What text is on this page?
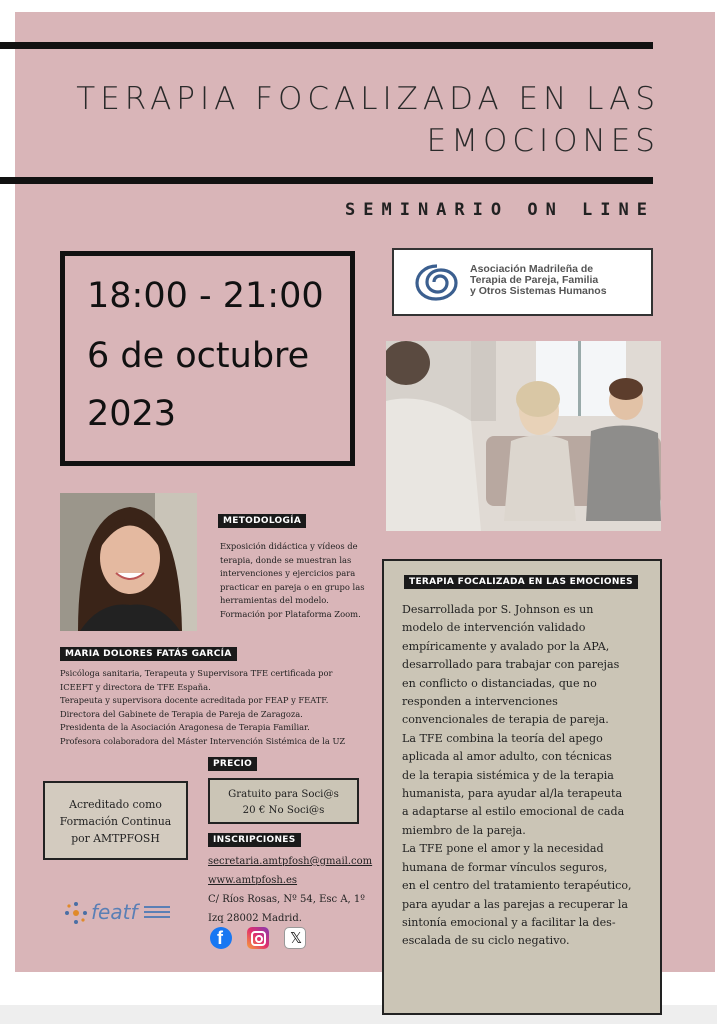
TERAPIA FOCALIZADA EN LAS
EMOCIONES
SEMINARIO ON LINE
18:00 - 21:00
6 de octubre
2023
Asociación Madrileña de
Terapia de Pareja, Familia
y Otros Sistemas Humanos
METODOLOGÍA
Exposición didáctica y vídeos de
terapia, donde se muestran las
intervenciones y ejercicios para
practicar en pareja o en grupo las
herramientas del modelo.
Formación por Plataforma Zoom.
MARIA DOLORES FATÁS GARCÍA
Psicóloga sanitaria, Terapeuta y Supervisora TFE certificada por
ICEEFT y directora de TFE España.
Terapeuta y supervisora docente acreditada por FEAP y FEATF.
Directora del Gabinete de Terapia de Pareja de Zaragoza.
Presidenta de la Asociación Aragonesa de Terapia Familiar.
Profesora colaboradora del Máster Intervención Sistémica de la UZ
Acreditado como
Formación Continua
por AMTPFOSH
PRECIO
Gratuito para Soci@s
20 € No Soci@s
INSCRIPCIONES
secretaria.amtpfosh@gmail.com
www.amtpfosh.es
C/ Ríos Rosas, Nº 54, Esc A, 1º
Izq 28002 Madrid.
f	𝕏
featf
TERAPIA FOCALIZADA EN LAS EMOCIONES
Desarrollada por S. Johnson es un
modelo de intervención validado
empíricamente y avalado por la APA,
desarrollado para trabajar con parejas
en conflicto o distanciadas, que no
responden a intervenciones
convencionales de terapia de pareja.
La TFE combina la teoría del apego
aplicada al amor adulto, con técnicas
de la terapia sistémica y de la terapia
humanista, para ayudar al/la terapeuta
a adaptarse al estilo emocional de cada
miembro de la pareja.
La TFE pone el amor y la necesidad
humana de formar vínculos seguros,
en el centro del tratamiento terapéutico,
para ayudar a las parejas a recuperar la
sintonía emocional y a facilitar la des-
escalada de su ciclo negativo.
